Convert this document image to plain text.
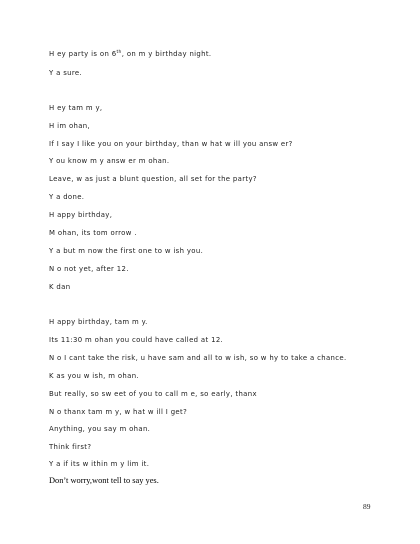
H ey party is on 6th, on m y birthday night.
Y a sure.
H ey tam m y,
H im ohan,
If I say I like you on your birthday, than w hat w ill you answ er?
Y ou know m y answ er m ohan.
Leave, w as just a blunt question, all set for the party?
Y a done.
H appy birthday,
M ohan, its tom orrow .
Y a but m now the first one to w ish you.
N o not yet, after 12.
K dan
H appy birthday, tam m y.
Its 11:30 m ohan you could have called at 12.
N o I cant take the risk, u have sam and all to w ish, so w hy to take a chance.
K as you w ish, m ohan.
But really, so sw eet of you to call m e, so early, thanx
N o thanx tam m y, w hat w ill I get?
Anything, you say m ohan.
Think first?
Y a if its w ithin m y lim it.
Don’t worry,wont tell to say yes.
89
